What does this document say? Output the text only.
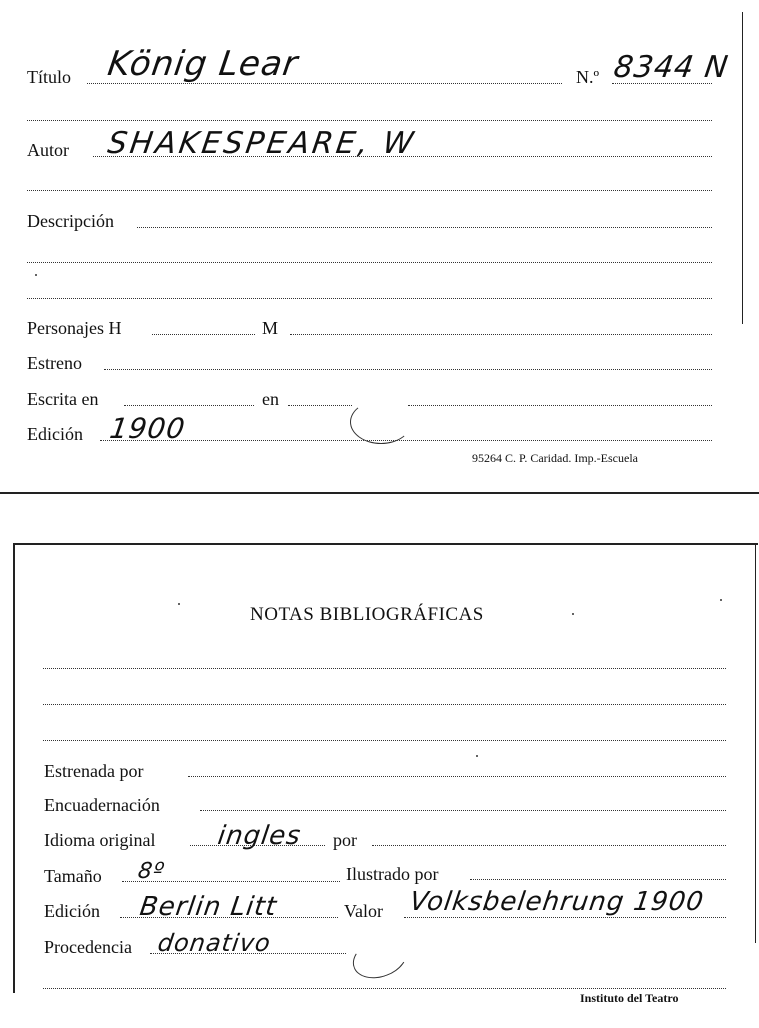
Título König Lear	N.º 8344 N
Autor SHAKESPEARE, W
Descripción
Personajes H	M
Estreno
Escrita en	en
Edición 1900
95264 C. P. Caridad. Imp.-Escuela
NOTAS BIBLIOGRÁFICAS
Estrenada por
Encuadernación
Idioma original ingles por
Tamaño 8º	Ilustrado por
Edición Berlin Litt	Valor Volksbelehrung 1900
Procedencia donativo
Instituto del Teatro
